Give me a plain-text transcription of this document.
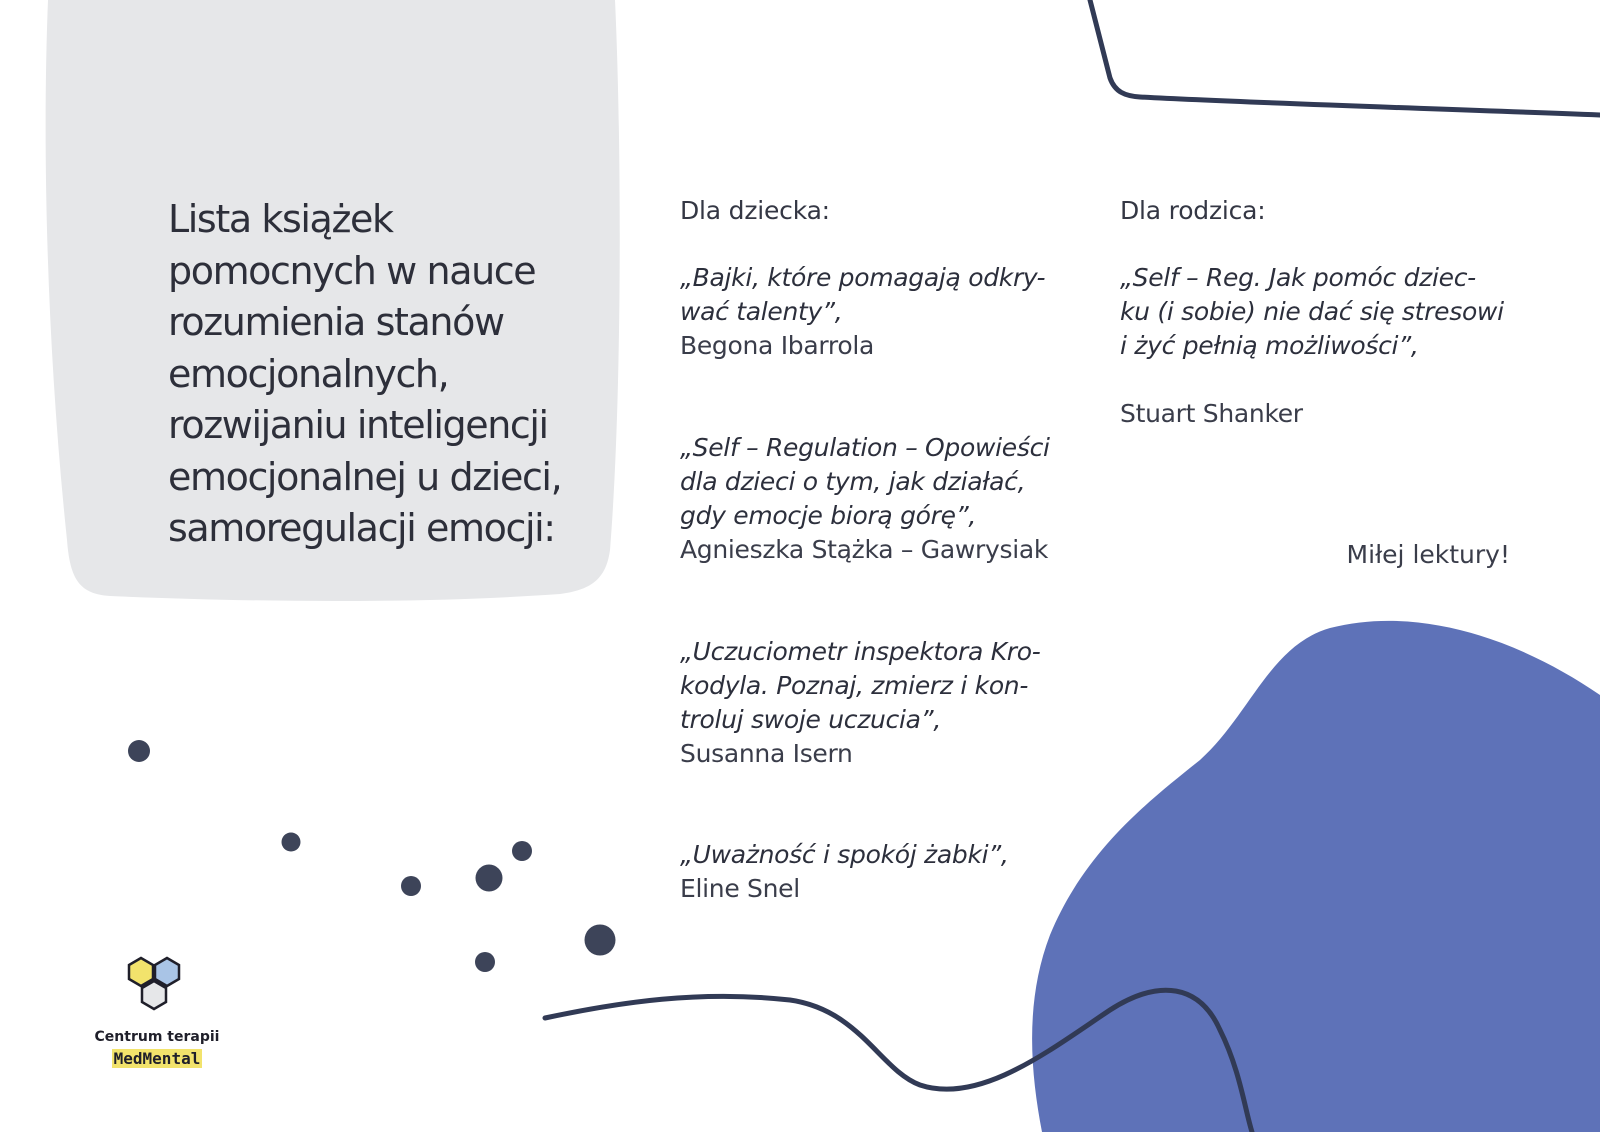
Lista książek
pomocnych w nauce
rozumienia stanów
emocjonalnych,
rozwijaniu inteligencji
emocjonalnej u dzieci,
samoregulacji emocji:
Dla dziecka:
„Bajki, które pomagają odkry-
wać talenty”,
Begona Ibarrola
„Self – Regulation – Opowieści
dla dzieci o tym, jak działać,
gdy emocje biorą górę”,
Agnieszka Stążka – Gawrysiak
„Uczuciometr inspektora Kro-
kodyla. Poznaj, zmierz i kon-
troluj swoje uczucia”,
Susanna Isern
„Uważność i spokój żabki”,
Eline Snel
Dla rodzica:
„Self – Reg. Jak pomóc dziec-
ku (i sobie) nie dać się stresowi
i żyć pełnią możliwości”,
Stuart Shanker
Miłej lektury!
Centrum terapii
MedMental
